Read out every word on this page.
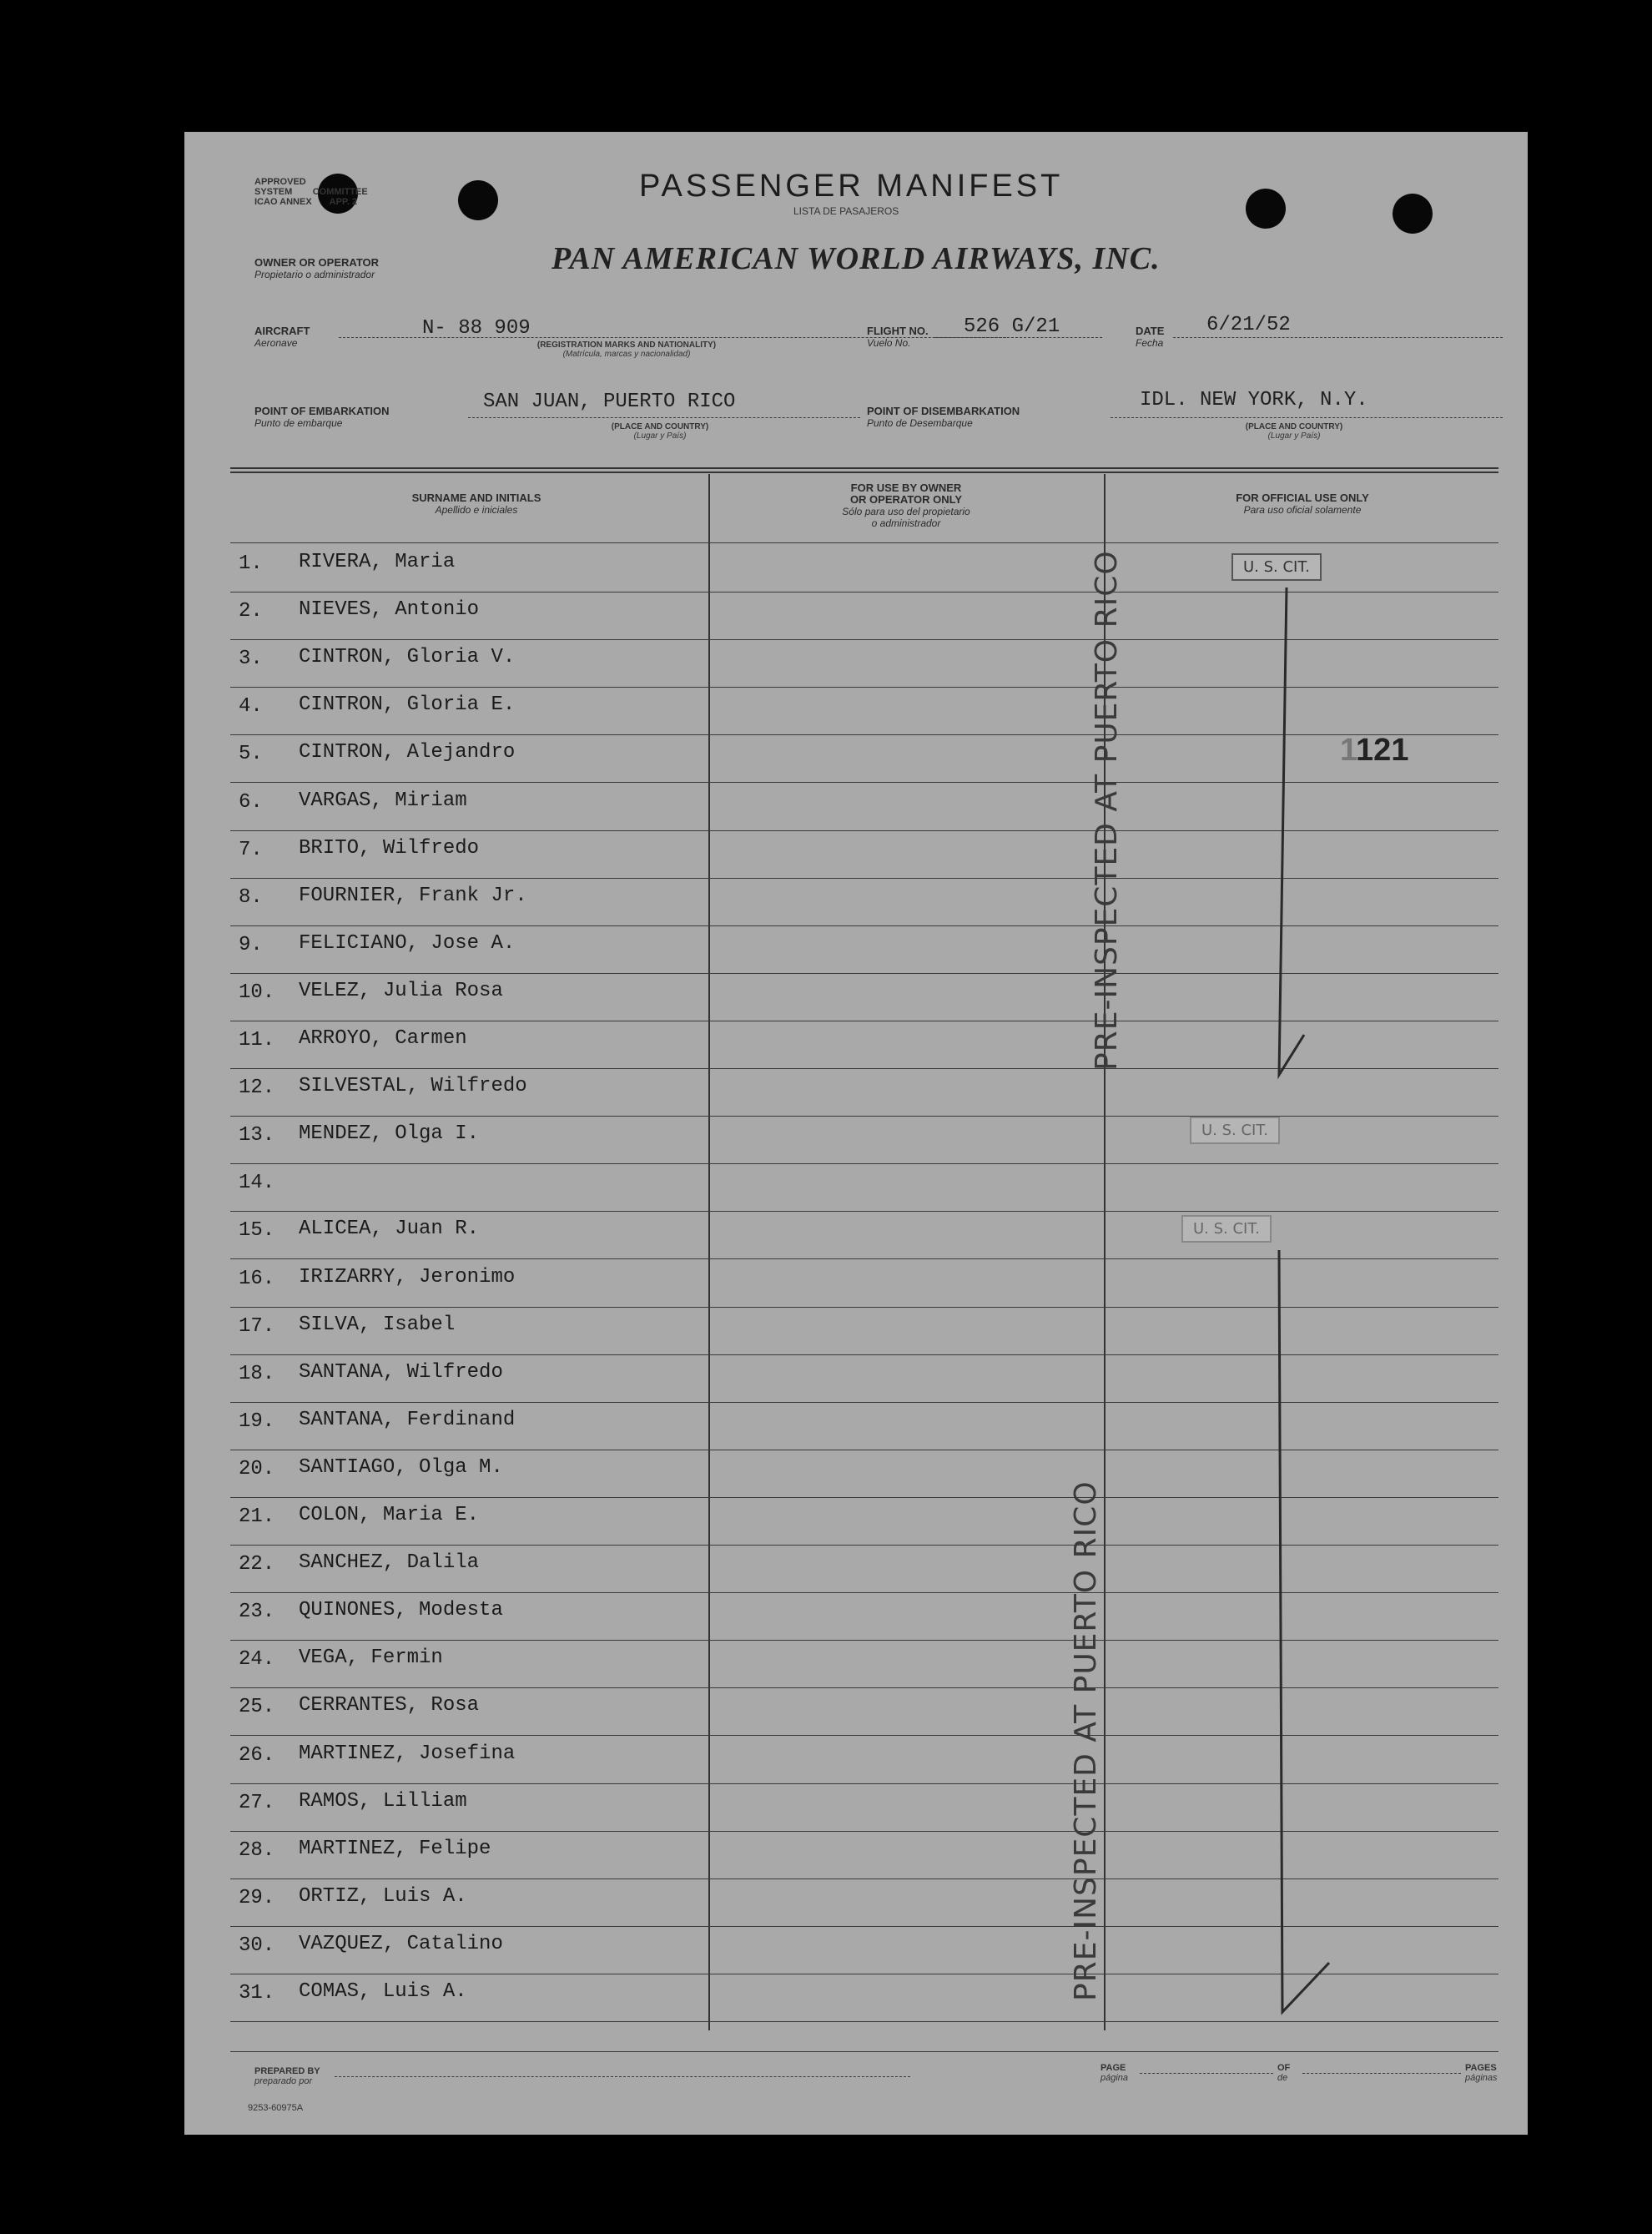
APPROVED
SYSTEM COMMITTEE
ICAO ANNEX APP. 2	PASSENGER MANIFEST
LISTA DE PASAJEROS
OWNER OR OPERATOR
Propietario o administrador	PAN AMERICAN WORLD AIRWAYS, INC.
AIRCRAFT
Aeronave
N- 88 909
(REGISTRATION MARKS AND NATIONALITY)
(Matrícula, marcas y nacionalidad)
FLIGHT NO.
Vuelo No.
526 G/21	DATE
Fecha
6/21/52
POINT OF EMBARKATION
Punto de embarque
SAN JUAN, PUERTO RICO
(PLACE AND COUNTRY)
(Lugar y País)
POINT OF DISEMBARKATION
Punto de Desembarque
IDL. NEW YORK, N.Y.
(PLACE AND COUNTRY)
(Lugar y País)
SURNAME AND INITIALS
Apellido e iniciales
FOR USE BY OWNER
OR OPERATOR ONLY
Sólo para uso del propietario
o administrador
FOR OFFICIAL USE ONLY
Para uso oficial solamente
1. RIVERA, Maria
2. NIEVES, Antonio
3. CINTRON, Gloria V.
4. CINTRON, Gloria E.
5. CINTRON, Alejandro
6. VARGAS, Miriam
7. BRITO, Wilfredo
8. FOURNIER, Frank Jr.
9. FELICIANO, Jose A.
10. VELEZ, Julia Rosa
11. ARROYO, Carmen
12. SILVESTAL, Wilfredo
13. MENDEZ, Olga I.
14.
15. ALICEA, Juan R.
16. IRIZARRY, Jeronimo
17. SILVA, Isabel
18. SANTANA, Wilfredo
19. SANTANA, Ferdinand
20. SANTIAGO, Olga M.
21. COLON, Maria E.
22. SANCHEZ, Dalila
23. QUINONES, Modesta
24. VEGA, Fermin
25. CERRANTES, Rosa
26. MARTINEZ, Josefina
27. RAMOS, Lilliam
28. MARTINEZ, Felipe
29. ORTIZ, Luis A.
30. VAZQUEZ, Catalino
31. COMAS, Luis A.
PRE-INSPECTED AT PUERTO RICO
PRE-INSPECTED AT PUERTO RICO
U. S. CIT.
U. S. CIT.
U. S. CIT.
1121
PREPARED BY
preparado por
PAGE
página
OF
de
PAGES
páginas
9253-60975A
